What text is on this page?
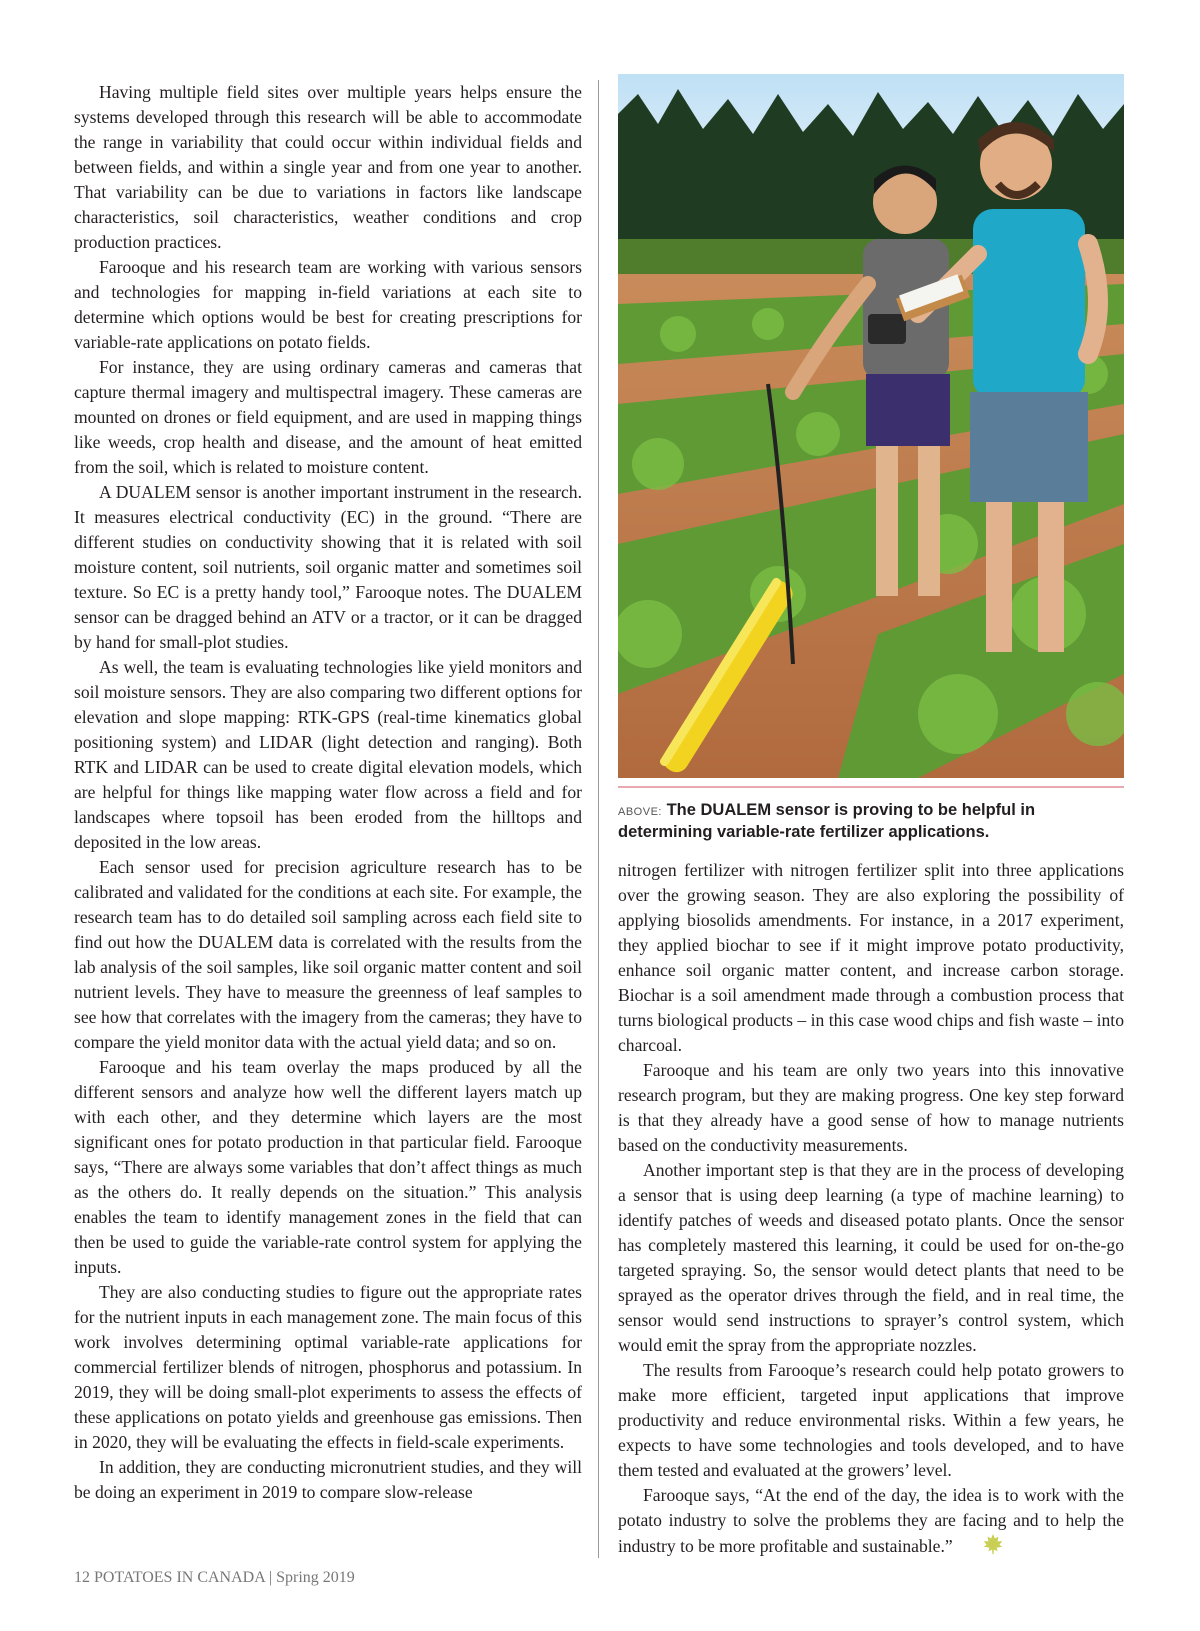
Having multiple field sites over multiple years helps ensure the systems developed through this research will be able to accommodate the range in variability that could occur within individual fields and between fields, and within a single year and from one year to another. That variability can be due to variations in factors like landscape characteristics, soil characteristics, weather conditions and crop production practices.

Farooque and his research team are working with various sensors and technologies for mapping in-field variations at each site to determine which options would be best for creating prescriptions for variable-rate applications on potato fields.

For instance, they are using ordinary cameras and cameras that capture thermal imagery and multispectral imagery. These cameras are mounted on drones or field equipment, and are used in mapping things like weeds, crop health and disease, and the amount of heat emitted from the soil, which is related to moisture content.

A DUALEM sensor is another important instrument in the research. It measures electrical conductivity (EC) in the ground. “There are different studies on conductivity showing that it is related with soil moisture content, soil nutrients, soil organic matter and sometimes soil texture. So EC is a pretty handy tool,” Farooque notes. The DUALEM sensor can be dragged behind an ATV or a tractor, or it can be dragged by hand for small-plot studies.

As well, the team is evaluating technologies like yield monitors and soil moisture sensors. They are also comparing two different options for elevation and slope mapping: RTK-GPS (real-time kinematics global positioning system) and LIDAR (light detection and ranging). Both RTK and LIDAR can be used to create digital elevation models, which are helpful for things like mapping water flow across a field and for landscapes where topsoil has been eroded from the hilltops and deposited in the low areas.

Each sensor used for precision agriculture research has to be calibrated and validated for the conditions at each site. For example, the research team has to do detailed soil sampling across each field site to find out how the DUALEM data is correlated with the results from the lab analysis of the soil samples, like soil organic matter content and soil nutrient levels. They have to measure the greenness of leaf samples to see how that correlates with the imagery from the cameras; they have to compare the yield monitor data with the actual yield data; and so on.

Farooque and his team overlay the maps produced by all the different sensors and analyze how well the different layers match up with each other, and they determine which layers are the most significant ones for potato production in that particular field. Farooque says, “There are always some variables that don’t affect things as much as the others do. It really depends on the situation.” This analysis enables the team to identify management zones in the field that can then be used to guide the variable-rate control system for applying the inputs.

They are also conducting studies to figure out the appropriate rates for the nutrient inputs in each management zone. The main focus of this work involves determining optimal variable-rate applications for commercial fertilizer blends of nitrogen, phosphorus and potassium. In 2019, they will be doing small-plot experiments to assess the effects of these applications on potato yields and greenhouse gas emissions. Then in 2020, they will be evaluating the effects in field-scale experiments.

In addition, they are conducting micronutrient studies, and they will be doing an experiment in 2019 to compare slow-release

ABOVE: The DUALEM sensor is proving to be helpful in determining variable-rate fertilizer applications.

nitrogen fertilizer with nitrogen fertilizer split into three applications over the growing season. They are also exploring the possibility of applying biosolids amendments. For instance, in a 2017 experiment, they applied biochar to see if it might improve potato productivity, enhance soil organic matter content, and increase carbon storage. Biochar is a soil amendment made through a combustion process that turns biological products – in this case wood chips and fish waste – into charcoal.

Farooque and his team are only two years into this innovative research program, but they are making progress. One key step forward is that they already have a good sense of how to manage nutrients based on the conductivity measurements.

Another important step is that they are in the process of developing a sensor that is using deep learning (a type of machine learning) to identify patches of weeds and diseased potato plants. Once the sensor has completely mastered this learning, it could be used for on-the-go targeted spraying. So, the sensor would detect plants that need to be sprayed as the operator drives through the field, and in real time, the sensor would send instructions to sprayer’s control system, which would emit the spray from the appropriate nozzles.

The results from Farooque’s research could help potato growers to make more efficient, targeted input applications that improve productivity and reduce environmental risks. Within a few years, he expects to have some technologies and tools developed, and to have them tested and evaluated at the growers’ level.

Farooque says, “At the end of the day, the idea is to work with the potato industry to solve the problems they are facing and to help the industry to be more profitable and sustainable.”

12 POTATOES IN CANADA | Spring 2019
